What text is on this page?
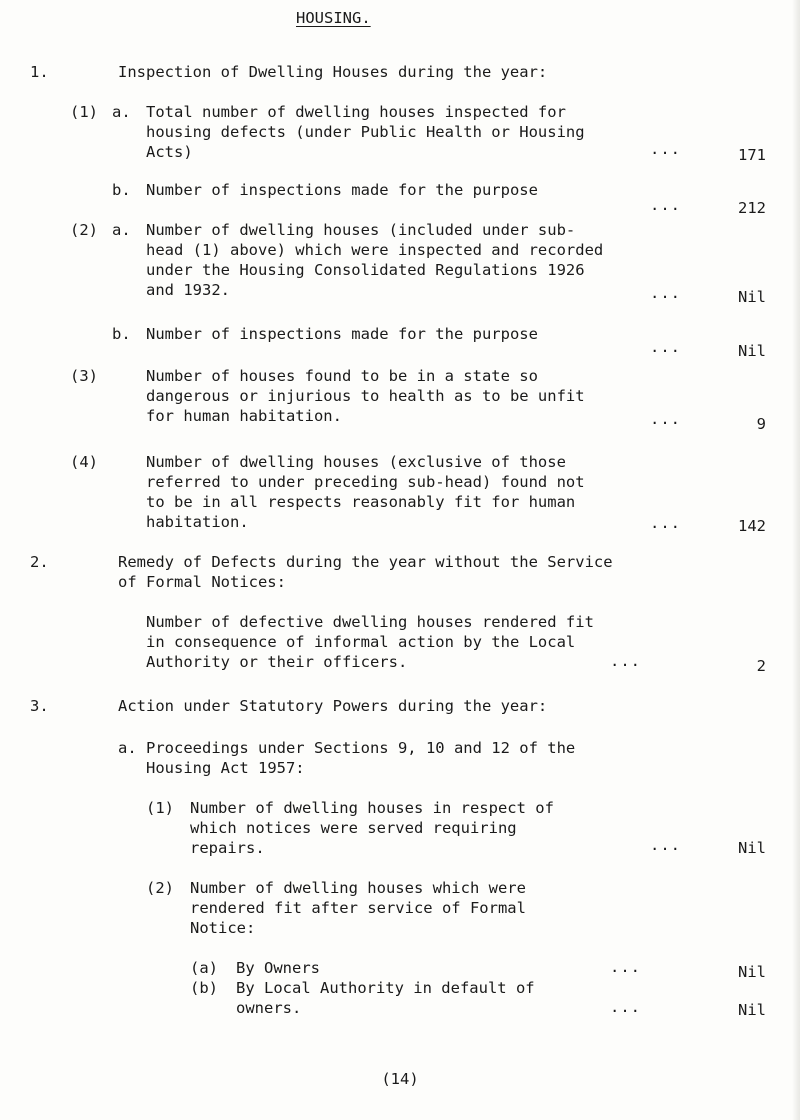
HOUSING.
1.	Inspection of Dwelling Houses during the year:
(1) a. Total number of dwelling houses inspected for
housing defects (under Public Health or Housing
Acts)	...	171
b. Number of inspections made for the purpose
...	212
(2) a. Number of dwelling houses (included under sub-
head (1) above) which were inspected and recorded
under the Housing Consolidated Regulations 1926
and 1932.	...	Nil
b. Number of inspections made for the purpose
...	Nil
(3)	Number of houses found to be in a state so
dangerous or injurious to health as to be unfit
for human habitation.	...	9
(4)	Number of dwelling houses (exclusive of those
referred to under preceding sub-head) found not
to be in all respects reasonably fit for human
habitation.	...	142
2.	Remedy of Defects during the year without the Service
of Formal Notices:
Number of defective dwelling houses rendered fit
in consequence of informal action by the Local
Authority or their officers.	...	2
3.	Action under Statutory Powers during the year:
a. Proceedings under Sections 9, 10 and 12 of the
Housing Act 1957:
(1) Number of dwelling houses in respect of
which notices were served requiring
repairs.	...	Nil
(2) Number of dwelling houses which were
rendered fit after service of Formal
Notice:
(a) By Owners	...	Nil
(b) By Local Authority in default of
owners.	...	Nil
(14)
